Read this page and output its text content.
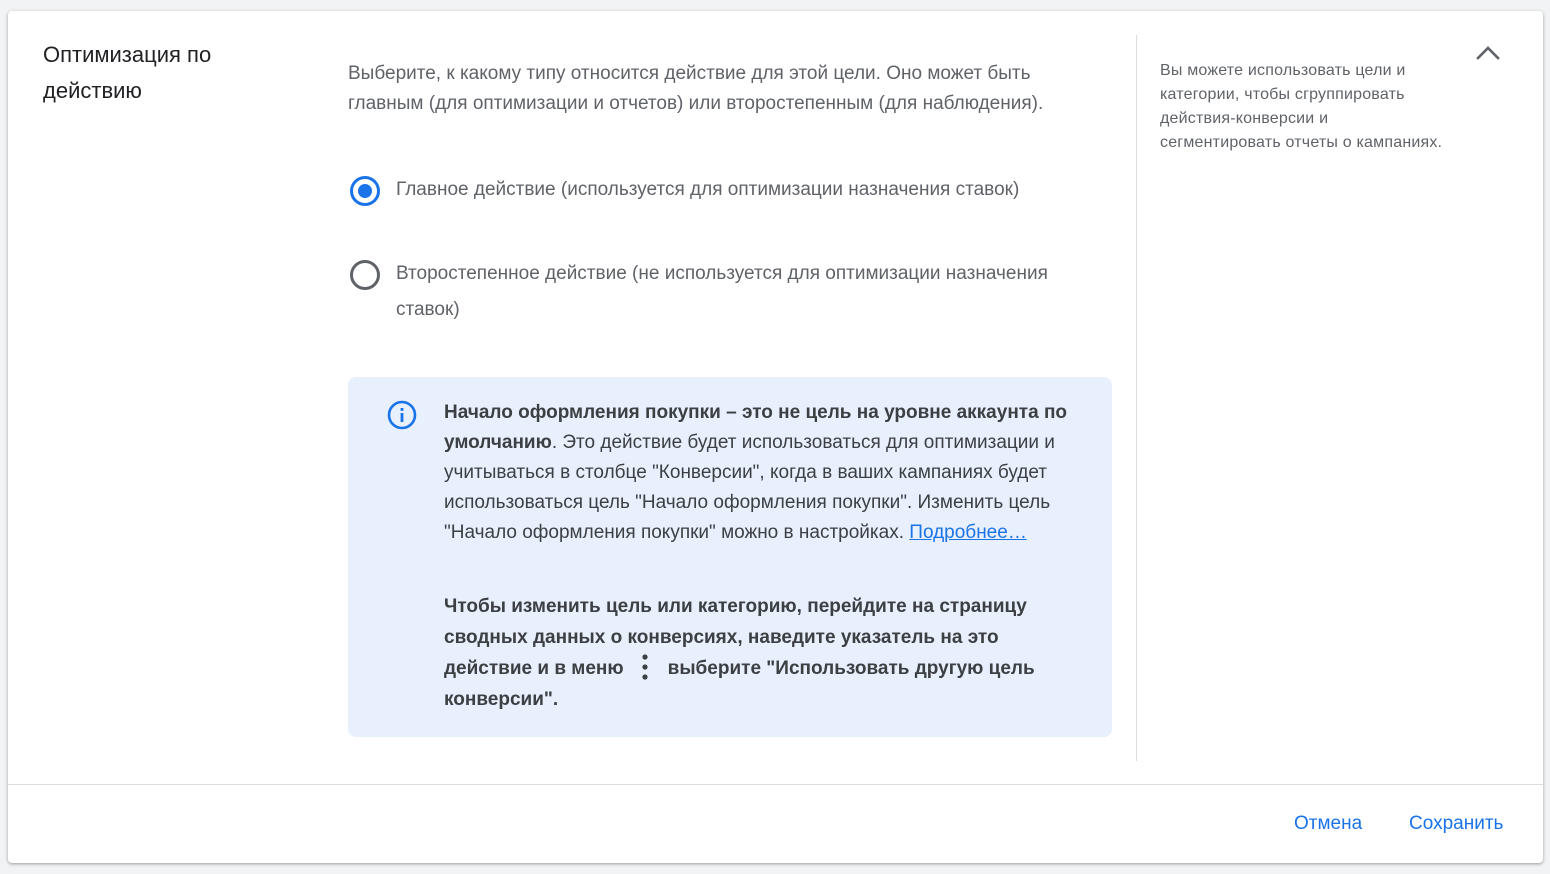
Оптимизация по действию
Выберите, к какому типу относится действие для этой цели. Оно может быть главным (для оптимизации и отчетов) или второстепенным (для наблюдения).
Главное действие (используется для оптимизации назначения ставок)
Второстепенное действие (не используется для оптимизации назначения ставок)
Начало оформления покупки – это не цель на уровне аккаунта по умолчанию. Это действие будет использоваться для оптимизации и учитываться в столбце "Конверсии", когда в ваших кампаниях будет использоваться цель "Начало оформления покупки". Изменить цель "Начало оформления покупки" можно в настройках. Подробнее…
Чтобы изменить цель или категорию, перейдите на страницу сводных данных о конверсиях, наведите указатель на это действие и в меню выберите "Использовать другую цель конверсии".
Вы можете использовать цели и категории, чтобы сгруппировать действия-конверсии и сегментировать отчеты о кампаниях.
Отмена Сохранить
